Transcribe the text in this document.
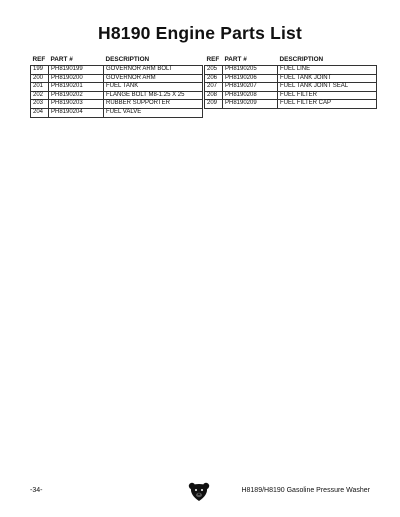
H8190 Engine Parts List
REF	PART #	DESCRIPTION
199	PH8190199	GOVERNOR ARM BOLT
200	PH8190200	GOVERNOR ARM
201	PH8190201	FUEL TANK
202	PH8190202	FLANGE BOLT M8-1.25 X 25
203	PH8190203	RUBBER SUPPORTER
204	PH8190204	FUEL VALVE
REF	PART #	DESCRIPTION
205	PH8190205	FUEL LINE
206	PH8190206	FUEL TANK JOINT
207	PH8190207	FUEL TANK JOINT SEAL
208	PH8190208	FUEL FILTER
209	PH8190209	FUEL FILTER CAP
-34-	H8189/H8190 Gasoline Pressure Washer
